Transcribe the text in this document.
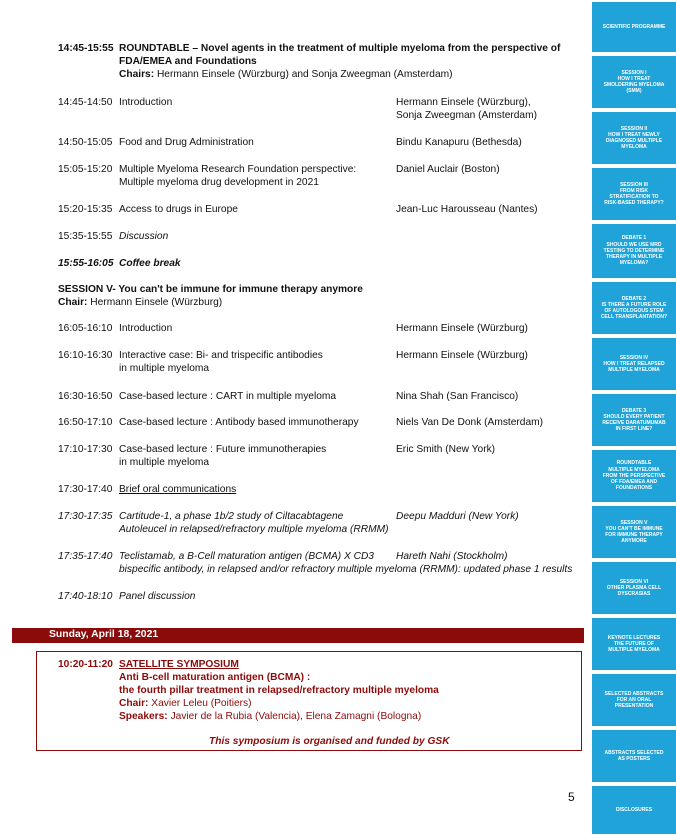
14:45-15:55 ROUNDTABLE – Novel agents in the treatment of multiple myeloma from the perspective of
FDA/EMEA and Foundations
Chairs: Hermann Einsele (Würzburg) and Sonja Zweegman (Amsterdam)
14:45-14:50 Introduction	Hermann Einsele (Würzburg),
Sonja Zweegman (Amsterdam)
14:50-15:05 Food and Drug Administration	Bindu Kanapuru (Bethesda)
15:05-15:20 Multiple Myeloma Research Foundation perspective:	Daniel Auclair (Boston)
Multiple myeloma drug development in 2021
15:20-15:35 Access to drugs in Europe	Jean-Luc Harousseau (Nantes)
15:35-15:55 Discussion
15:55-16:05 Coffee break
SESSION V- You can't be immune for immune therapy anymore
Chair: Hermann Einsele (Würzburg)
16:05-16:10 Introduction	Hermann Einsele (Würzburg)
16:10-16:30 Interactive case: Bi- and trispecific antibodies	Hermann Einsele (Würzburg)
in multiple myeloma
16:30-16:50 Case-based lecture : CART in multiple myeloma	Nina Shah (San Francisco)
16:50-17:10 Case-based lecture : Antibody based immunotherapy	Niels Van De Donk (Amsterdam)
17:10-17:30 Case-based lecture : Future immunotherapies	Eric Smith (New York)
in multiple myeloma
17:30-17:40 Brief oral communications
17:30-17:35 Cartitude-1, a phase 1b/2 study of Ciltacabtagene	Deepu Madduri (New York)
Autoleucel in relapsed/refractory multiple myeloma (RRMM)
17:35-17:40 Teclistamab, a B-Cell maturation antigen (BCMA) X CD3 Hareth Nahi (Stockholm)
bispecific antibody, in relapsed and/or refractory multiple myeloma (RRMM): updated phase 1 results
17:40-18:10 Panel discussion
Sunday, April 18, 2021
10:20-11:20 SATELLITE SYMPOSIUM
Anti B-cell maturation antigen (BCMA) :
the fourth pillar treatment in relapsed/refractory multiple myeloma
Chair: Xavier Leleu (Poitiers)
Speakers: Javier de la Rubia (Valencia), Elena Zamagni (Bologna)
This symposium is organised and funded by GSK
5
SCIENTIFIC PROGRAMME
SESSION I
HOW I TREAT
SMOLDERING MYELOMA
(SMM)
SESSION II
HOW I TREAT NEWLY
DIAGNOSED MULTIPLE
MYELOMA
SESSION III
FROM RISK
STRATIFICATION TO
RISK-BASED THERAPY?
DEBATE 1
SHOULD WE USE MRD
TESTING TO DETERMINE
THERAPY IN MULTIPLE
MYELOMA?
DEBATE 2
IS THERE A FUTURE ROLE
OF AUTOLOGOUS STEM
CELL TRANSPLANTATION?
SESSION IV
HOW I TREAT RELAPSED
MULTIPLE MYELOMA
DEBATE 3
SHOULD EVERY PATIENT
RECEIVE DARATUMUMAB
IN FIRST LINE?
ROUNDTABLE
MULTIPLE MYELOMA
FROM THE PERSPECTIVE
OF FDA/EMEA AND
FOUNDATIONS
SESSION V
YOU CAN'T BE IMMUNE
FOR IMMUNE THERAPY
ANYMORE
SESSION VI
OTHER PLASMA CELL
DYSCRASIAS
KEYNOTE LECTURES
THE FUTURE OF
MULTIPLE MYELOMA
SELECTED ABSTRACTS
FOR AN ORAL
PRESENTATION
ABSTRACTS SELECTED
AS POSTERS
DISCLOSURES
